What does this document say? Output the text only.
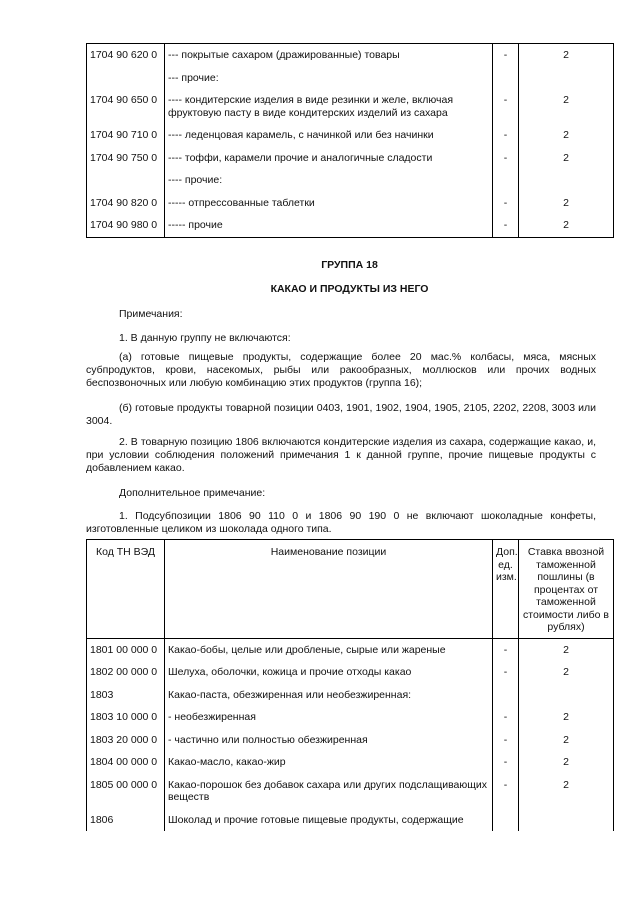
1704 90 620 0	--- покрытые сахаром (дражированные) товары	-	2
	--- прочие:		
1704 90 650 0	---- кондитерские изделия в виде резинки и желе, включая фруктовую пасту в виде кондитерских изделий из сахара	-	2
1704 90 710 0	---- леденцовая карамель, с начинкой или без начинки	-	2
1704 90 750 0	---- тоффи, карамели прочие и аналогичные сладости	-	2
	---- прочие:		
1704 90 820 0	----- отпрессованные таблетки	-	2
1704 90 980 0	----- прочие	-	2
ГРУППА 18
КАКАО И ПРОДУКТЫ ИЗ НЕГО
Примечания:
1. В данную группу не включаются:
(а) готовые пищевые продукты, содержащие более 20 мас.% колбасы, мяса, мясных субпродуктов, крови, насекомых, рыбы или ракообразных, моллюсков или прочих водных беспозвоночных или любую комбинацию этих продуктов (группа 16);
(б) готовые продукты товарной позиции 0403, 1901, 1902, 1904, 1905, 2105, 2202, 2208, 3003 или 3004.
2. В товарную позицию 1806 включаются кондитерские изделия из сахара, содержащие какао, и, при условии соблюдения положений примечания 1 к данной группе, прочие пищевые продукты с добавлением какао.
Дополнительное примечание:
1. Подсубпозиции 1806 90 110 0 и 1806 90 190 0 не включают шоколадные конфеты, изготовленные целиком из шоколада одного типа.
Код ТН ВЭД	Наименование позиции	Доп. ед. изм.	Ставка ввозной таможенной пошлины (в процентах от таможенной стоимости либо в рублях)
1801 00 000 0	Какао-бобы, целые или дробленые, сырые или жареные	-	2
1802 00 000 0	Шелуха, оболочки, кожица и прочие отходы какао	-	2
1803	Какао-паста, обезжиренная или необезжиренная:		
1803 10 000 0	- необезжиренная	-	2
1803 20 000 0	- частично или полностью обезжиренная	-	2
1804 00 000 0	Какао-масло, какао-жир	-	2
1805 00 000 0	Какао-порошок без добавок сахара или других подслащивающих веществ	-	2
1806	Шоколад и прочие готовые пищевые продукты, содержащие		
